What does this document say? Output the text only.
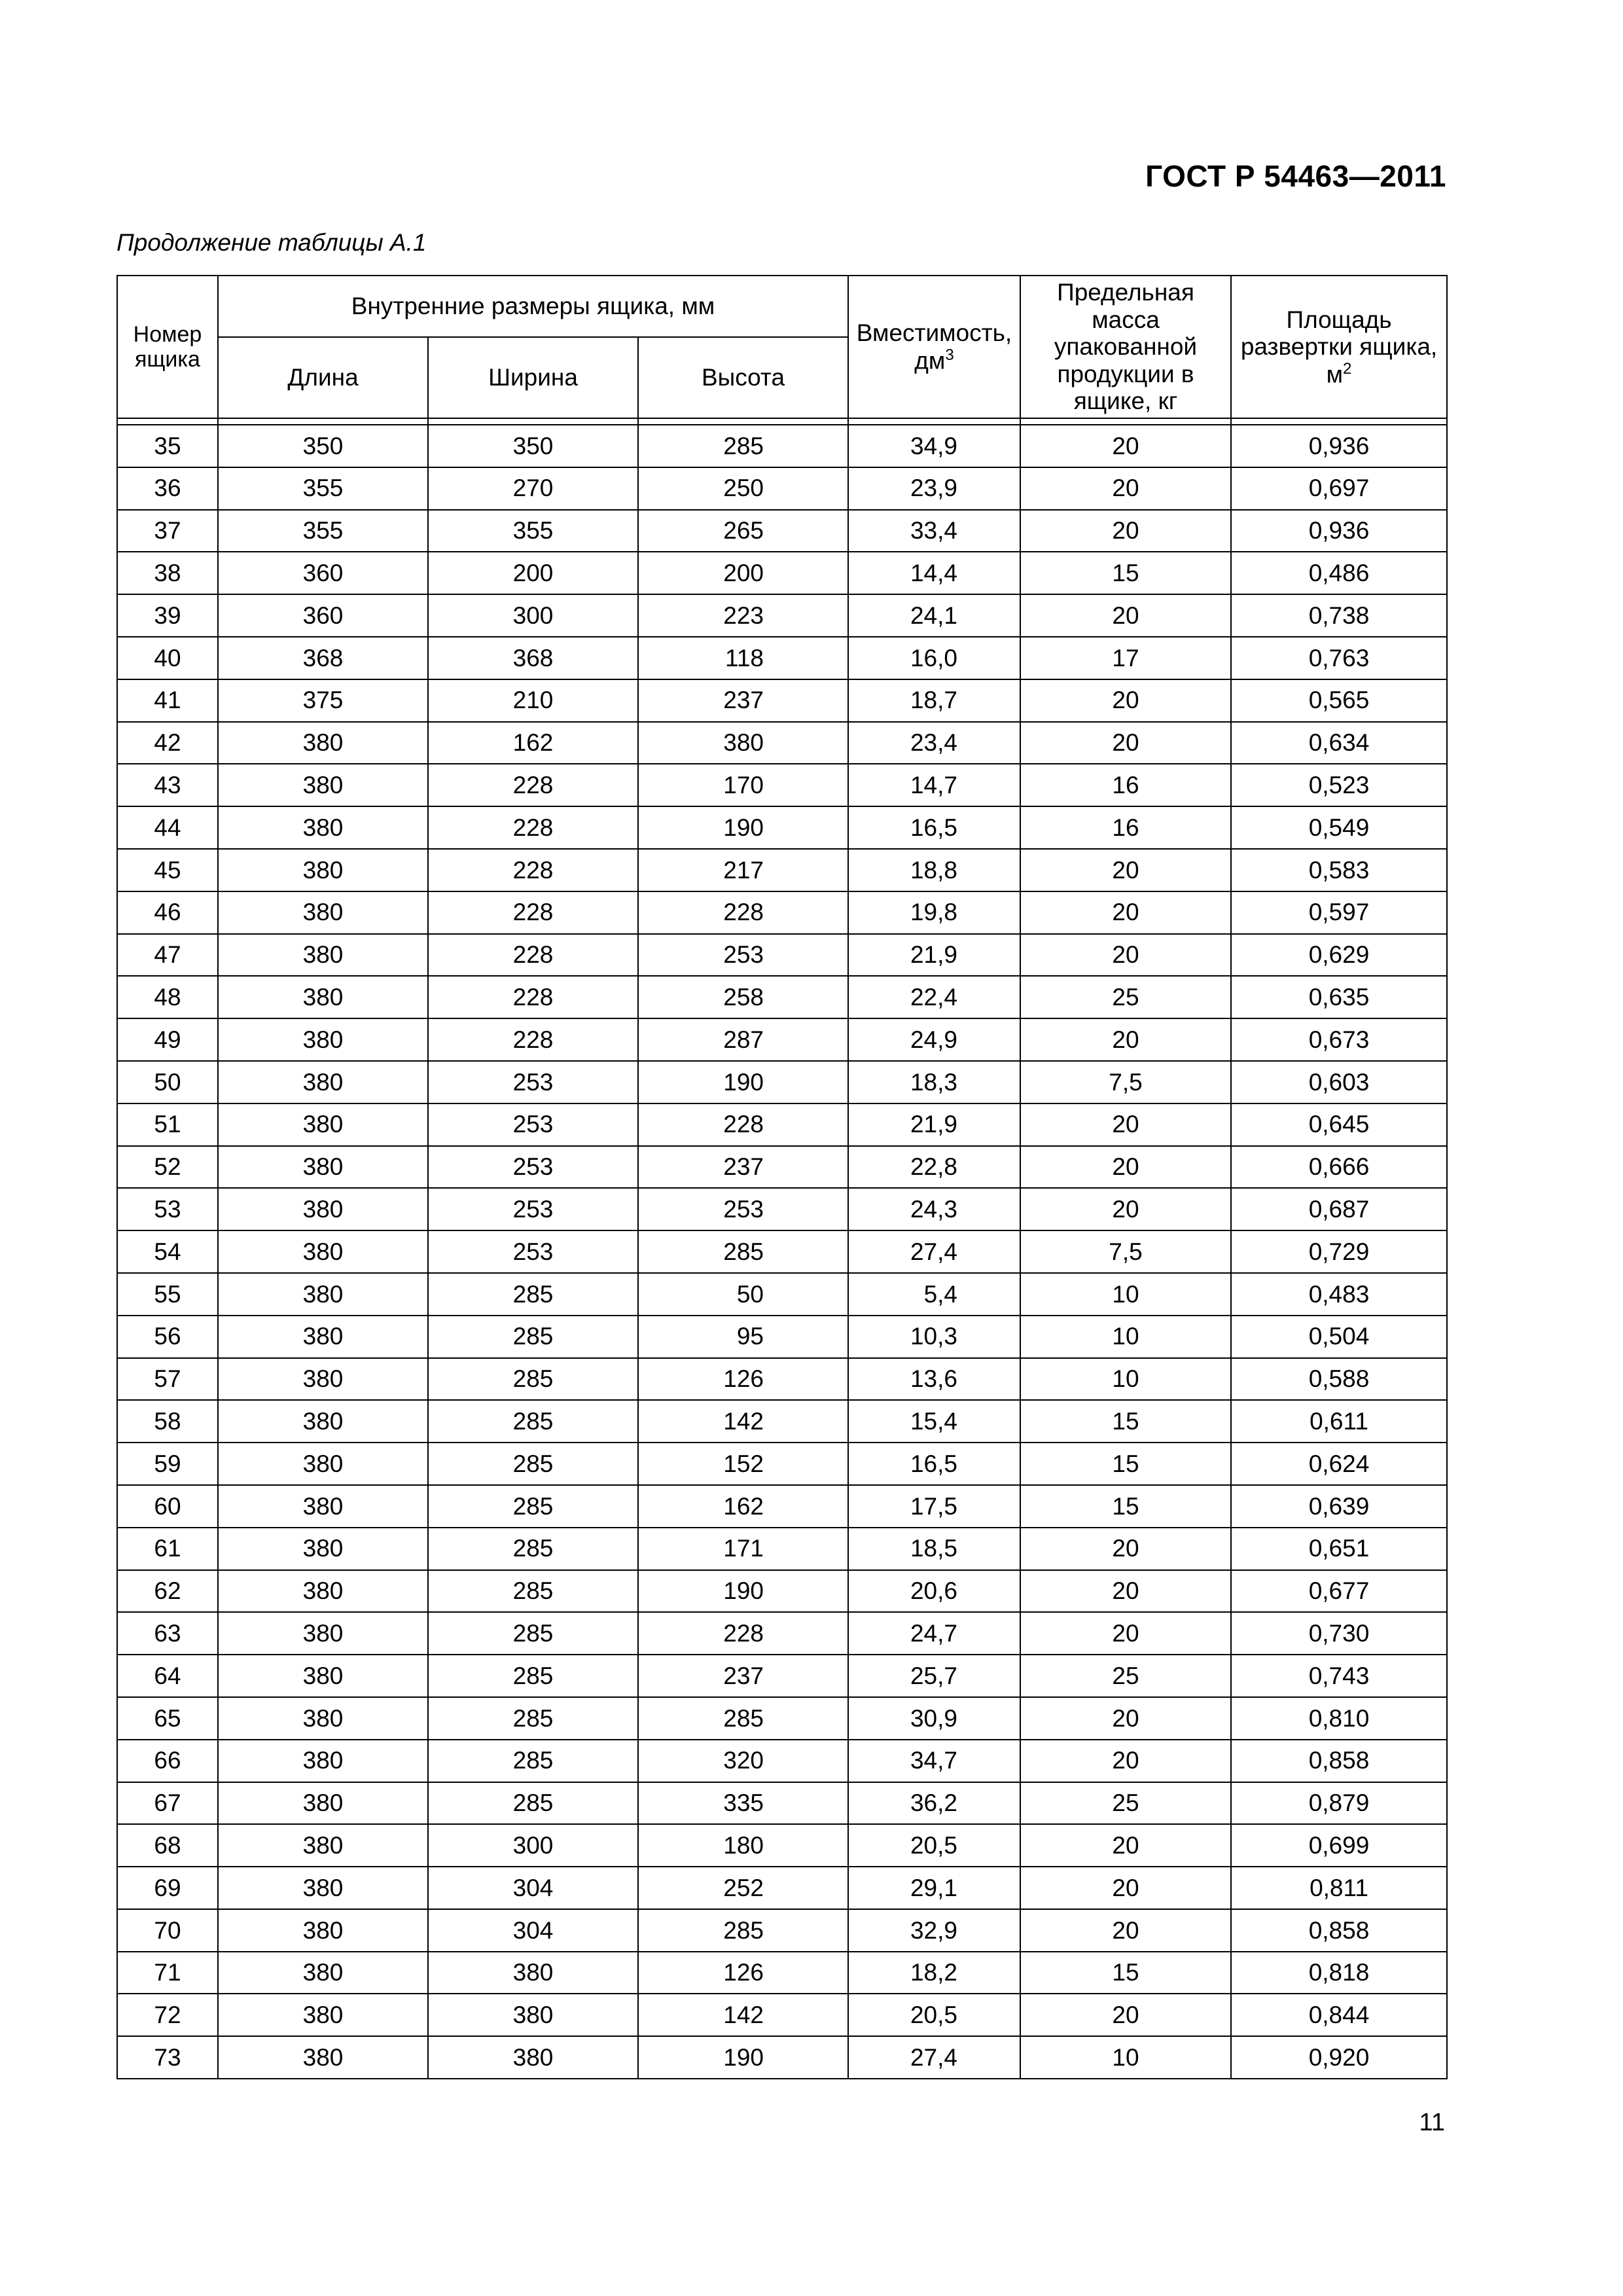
ГОСТ Р 54463—2011
Продолжение таблицы А.1
Номер ящика	Внутренние размеры ящика, мм			Вместимость, $дм^3$	Предельная масса упакованной продукции в ящике, кг	Площадь развертки ящика, $м^2$
	Длина	Ширина	Высота			

35	350	350	285	34,9	20	0,936
36	355	270	250	23,9	20	0,697
37	355	355	265	33,4	20	0,936
38	360	200	200	14,4	15	0,486
39	360	300	223	24,1	20	0,738
40	368	368	118	16,0	17	0,763
41	375	210	237	18,7	20	0,565
42	380	162	380	23,4	20	0,634
43	380	228	170	14,7	16	0,523
44	380	228	190	16,5	16	0,549
45	380	228	217	18,8	20	0,583
46	380	228	228	19,8	20	0,597
47	380	228	253	21,9	20	0,629
48	380	228	258	22,4	25	0,635
49	380	228	287	24,9	20	0,673
50	380	253	190	18,3	7,5	0,603
51	380	253	228	21,9	20	0,645
52	380	253	237	22,8	20	0,666
53	380	253	253	24,3	20	0,687
54	380	253	285	27,4	7,5	0,729
55	380	285	50	5,4	10	0,483
56	380	285	95	10,3	10	0,504
57	380	285	126	13,6	10	0,588
58	380	285	142	15,4	15	0,611
59	380	285	152	16,5	15	0,624
60	380	285	162	17,5	15	0,639
61	380	285	171	18,5	20	0,651
62	380	285	190	20,6	20	0,677
63	380	285	228	24,7	20	0,730
64	380	285	237	25,7	25	0,743
65	380	285	285	30,9	20	0,810
66	380	285	320	34,7	20	0,858
67	380	285	335	36,2	25	0,879
68	380	300	180	20,5	20	0,699
69	380	304	252	29,1	20	0,811
70	380	304	285	32,9	20	0,858
71	380	380	126	18,2	15	0,818
72	380	380	142	20,5	20	0,844
73	380	380	190	27,4	10	0,920
11
